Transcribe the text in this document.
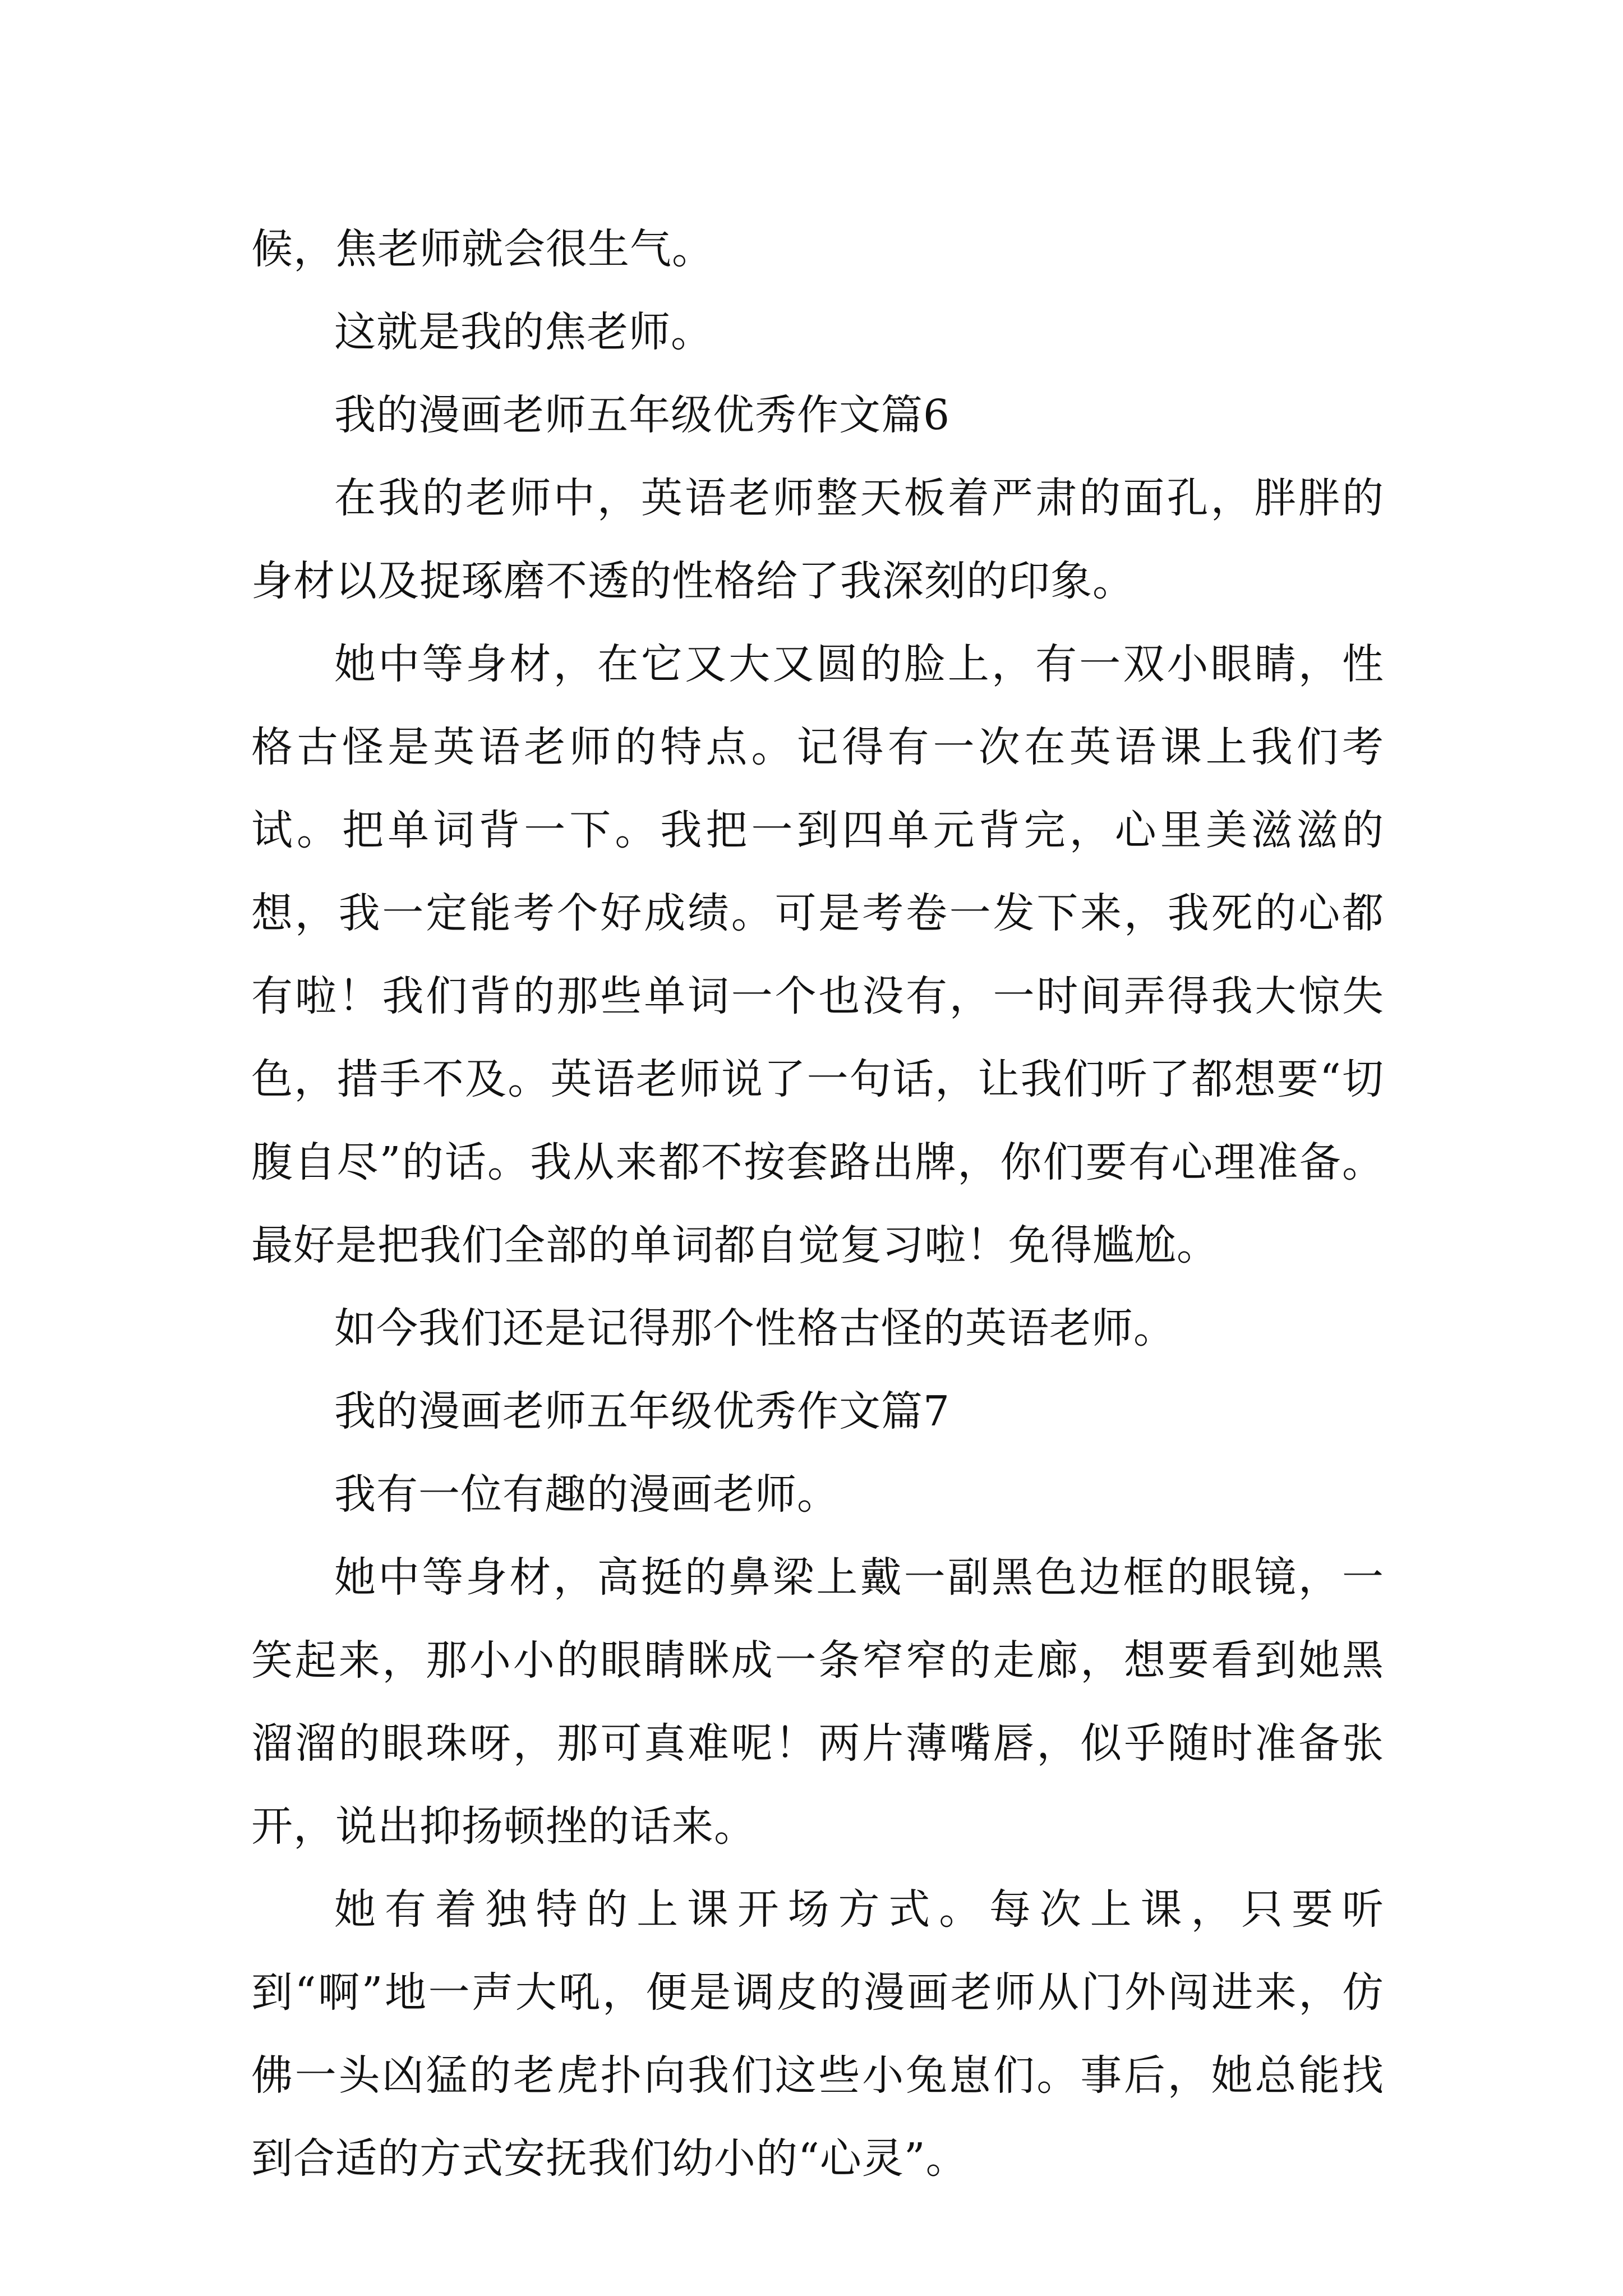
候，焦老师就会很生气。

这就是我的焦老师。

我的漫画老师五年级优秀作文篇6

在我的老师中，英语老师整天板着严肃的面孔，胖胖的身材以及捉琢磨不透的性格给了我深刻的印象。

她中等身材，在它又大又圆的脸上，有一双小眼睛，性格古怪是英语老师的特点。记得有一次在英语课上我们考试。把单词背一下。我把一到四单元背完，心里美滋滋的想，我一定能考个好成绩。可是考卷一发下来，我死的心都有啦！我们背的那些单词一个也没有，一时间弄得我大惊失色，措手不及。英语老师说了一句话，让我们听了都想要“切腹自尽”的话。我从来都不按套路出牌，你们要有心理准备。最好是把我们全部的单词都自觉复习啦！免得尴尬。

如今我们还是记得那个性格古怪的英语老师。

我的漫画老师五年级优秀作文篇7

我有一位有趣的漫画老师。

她中等身材，高挺的鼻梁上戴一副黑色边框的眼镜，一笑起来，那小小的眼睛眯成一条窄窄的走廊，想要看到她黑溜溜的眼珠呀，那可真难呢！两片薄嘴唇，似乎随时准备张开，说出抑扬顿挫的话来。

她有着独特的上课开场方式。每次上课，只要听到“啊”地一声大吼，便是调皮的漫画老师从门外闯进来，仿佛一头凶猛的老虎扑向我们这些小兔崽们。事后，她总能找到合适的方式安抚我们幼小的“心灵”。
